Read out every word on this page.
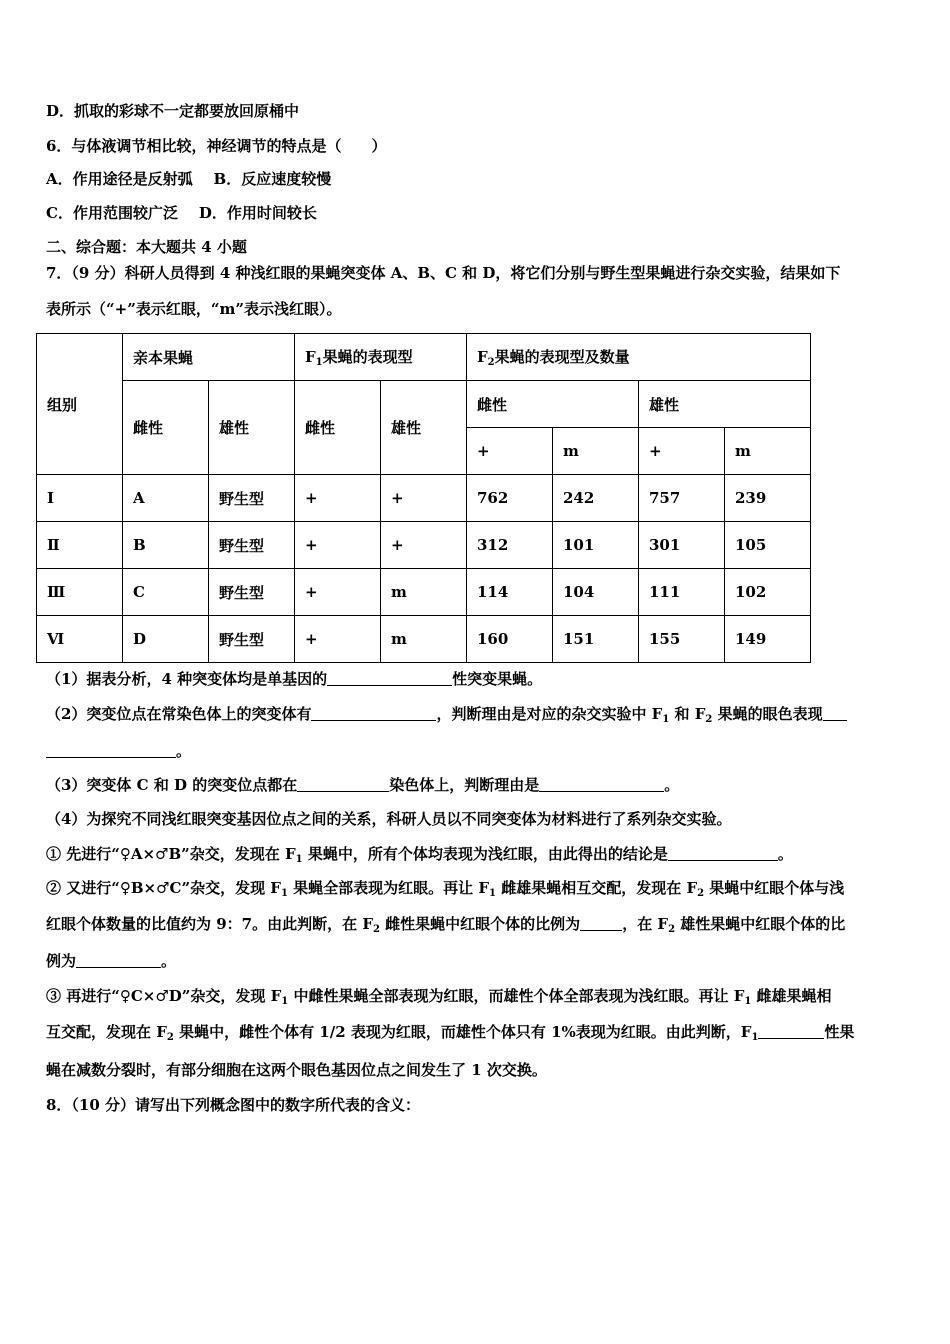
D．抓取的彩球不一定都要放回原桶中
6．与体液调节相比较，神经调节的特点是（　　）
A．作用途径是反射弧 B．反应速度较慢
C．作用范围较广泛 D．作用时间较长
二、综合题：本大题共 4 小题
7．（9 分）科研人员得到 4 种浅红眼的果蝇突变体 A、B、C 和 D，将它们分别与野生型果蝇进行杂交实验，结果如下
表所示（“+”表示红眼，“m”表示浅红眼）。
组别	亲本果蝇		$F_1$果蝇的表现型		$F_2$果蝇的表现型及数量			
	雌性	雄性	雌性	雄性	雌性		雄性	
					+	m	+	m
Ⅰ	A	野生型	+	+	762	242	757	239
Ⅱ	B	野生型	+	+	312	101	301	105
Ⅲ	C	野生型	+	m	114	104	111	102
Ⅵ	D	野生型	+	m	160	151	155	149
（1）据表分析，4 种突变体均是单基因的	性突变果蝇。
（2）突变位点在常染色体上的突变体有	，判断理由是对应的杂交实验中 $F_1$ 和 $F_2$ 果蝇的眼色表现
。
（3）突变体 C 和 D 的突变位点都在	染色体上，判断理由是	。
（4）为探究不同浅红眼突变基因位点之间的关系，科研人员以不同突变体为材料进行了系列杂交实验。
① 先进行“♀A×♂B”杂交，发现在 $F_1$ 果蝇中，所有个体均表现为浅红眼，由此得出的结论是	。
② 又进行“♀B×♂C”杂交，发现 $F_1$ 果蝇全部表现为红眼。再让 $F_1$ 雌雄果蝇相互交配，发现在 $F_2$ 果蝇中红眼个体与浅
红眼个体数量的比值约为 9：7。由此判断，在 $F_2$ 雌性果蝇中红眼个体的比例为	，在 $F_2$ 雄性果蝇中红眼个体的比
例为	。
③ 再进行“♀C×♂D”杂交，发现 $F_1$ 中雌性果蝇全部表现为红眼，而雄性个体全部表现为浅红眼。再让 $F_1$ 雌雄果蝇相
互交配，发现在 $F_2$ 果蝇中，雌性个体有 1/2 表现为红眼，而雄性个体只有 1%表现为红眼。由此判断，$F_1$	性果
蝇在减数分裂时，有部分细胞在这两个眼色基因位点之间发生了 1 次交换。
8．（10 分）请写出下列概念图中的数字所代表的含义：
